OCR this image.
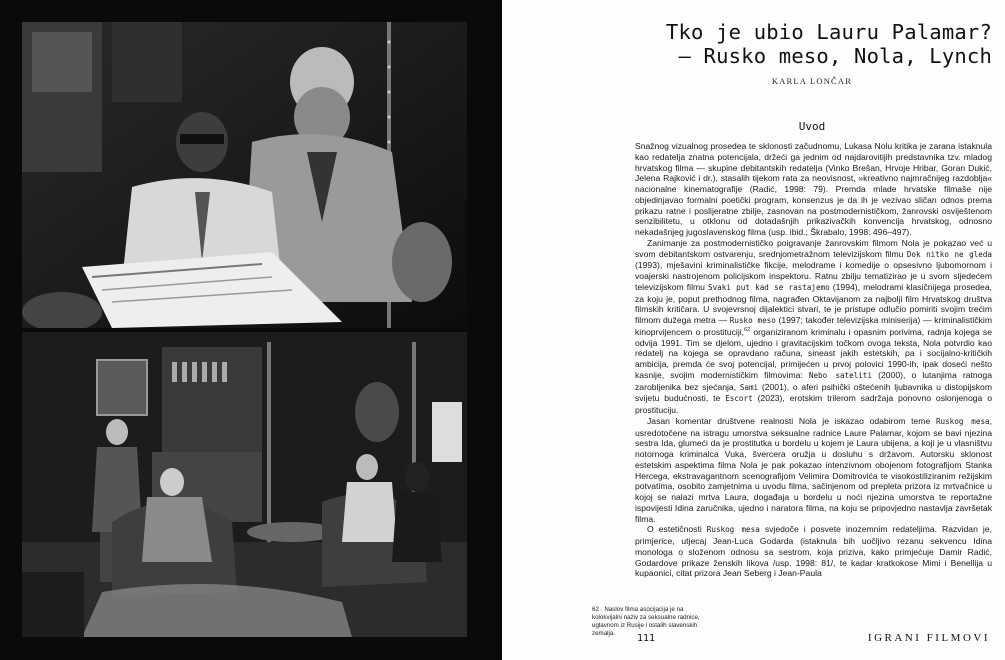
Tko je ubio Lauru Palamar?
— Rusko meso, Nola, Lynch
KARLA LONČAR
Uvod

Snažnog vizualnog prosedea te sklonosti začudnomu, Lukasa Nolu kritika je zarana istaknula kao redatelja znatna potencijala, držeći ga jednim od najdarovitijih predstavnika tzv. mladog hrvatskog filma — skupine debitantskih redatelja (Vinko Brešan, Hrvoje Hribar, Goran Dukić, Jelena Rajković i dr.), stasalih tijekom rata za neovisnost, »kreativno najmračnijeg razdoblja« nacionalne kinematografije (Radić, 1998: 79). Premda mlade hrvatske filmaše nije objedinjavao formalni poetički program, konsenzus je da ih je vezivao sličan odnos prema prikazu ratne i poslijeratne zbilje, zasnovan na postmodernističkom, žanrovski osviještenom senzibilitetu, u otklonu od dotadašnjih prikazivačkih konvencija hrvatskog, odnosno nekadašnjeg jugoslavenskog filma (usp. ibid.; Škrabalo, 1998: 496–497).

Zanimanje za postmodernističko poigravanje žanrovskim filmom Nola je pokazao već u svom debitantskom ostvarenju, srednjometražnom televizijskom filmu Dok nitko ne gleda (1993), mješavini kriminalističke fikcije, melodrame i komedije o opsesivno ljubomornom i voajerski nastrojenom policijskom inspektoru. Ratnu zbilju tematizirao je u svom sljedećem televizijskom filmu Svaki put kad se rastajemo (1994), melodrami klasičnijega prosedea, za koju je, poput prethodnog filma, nagrađen Oktavijanom za najbolji film Hrvatskog društva filmskih kritičara. U svojevrsnoj dijalektici stvari, te je pristupe odlučio pomiriti svojim trećim filmom dužega metra — Rusko meso (1997; također televizijska miniserija) — kriminalističkim kinoprvijencem o prostituciji,$^{62}$ organiziranom kriminalu i opasnim porivima, radnja kojega se odvija 1991. Tim se djelom, ujedno i gravitacijskim točkom ovoga teksta, Nola potvrdio kao redatelj na kojega se opravdano računa, sineast jakih estetskih, pa i socijalno-kritičkih ambicija, premda će svoj potencijal, primijećen u prvoj polovici 1990-ih, ipak doseći nešto kasnije, svojim modernističkim filmovima: Nebo sateliti (2000), o lutanjima ratnoga zarobljenika bez sjećanja, Sami (2001), o aferi psihički oštećenih ljubavnika u distopijskom svijetu budućnosti, te Escort (2023), erotskim trilerom sadržaja ponovno oslonjenoga o prostituciju.

Jasan komentar društvene realnosti Nola je iskazao odabirom teme Ruskog mesa, usredotočene na istragu umorstva seksualne radnice Laure Palamar, kojom se bavi njezina sestra Ida, glumeći da je prostitutka u bordelu u kojem je Laura ubijena, a koji je u vlasništvu notornoga kriminalca Vuka, švercera oružja u dosluhu s državom. Autorsku sklonost estetskim aspektima filma Nola je pak pokazao intenzivnom obojenom fotografijom Stanka Hercega, ekstravagantnom scenografijom Velimira Domitrovića te visokostiliziranim režijskim potvatima, osobito zamjetnima u uvodu filma, sačinjenom od prepleta prizora iz mrtvačnice u kojoj se nalazi mrtva Laura, događaja u bordelu u noći njezina umorstva te reportažne ispovijesti Idina zaručnika, ujedno i naratora filma, na koju se pripovjedno nastavlja završetak filma.

O estetičnosti Ruskog mesa svjedoče i posvete inozemnim redateljima. Razvidan je, primjerice, utjecaj Jean-Luca Godarda (istaknula bih uočljivo rezanu sekvencu Idina monologa o složenom odnosu sa sestrom, koja priziva, kako primjećuje Damir Radić, Godardove prikaze ženskih likova /usp. 1998: 81/, te kadar kratkokose Mimi i Benellija u kupaonici, citat prizora Jean Seberg i Jean-Paula

62 · Naslov filma asocijacija je na kolokvijalni naziv za seksualne radnice, uglavnom iz Rusije i ostalih slavenskih zemalja.	111	IGRANI FILMOVI
